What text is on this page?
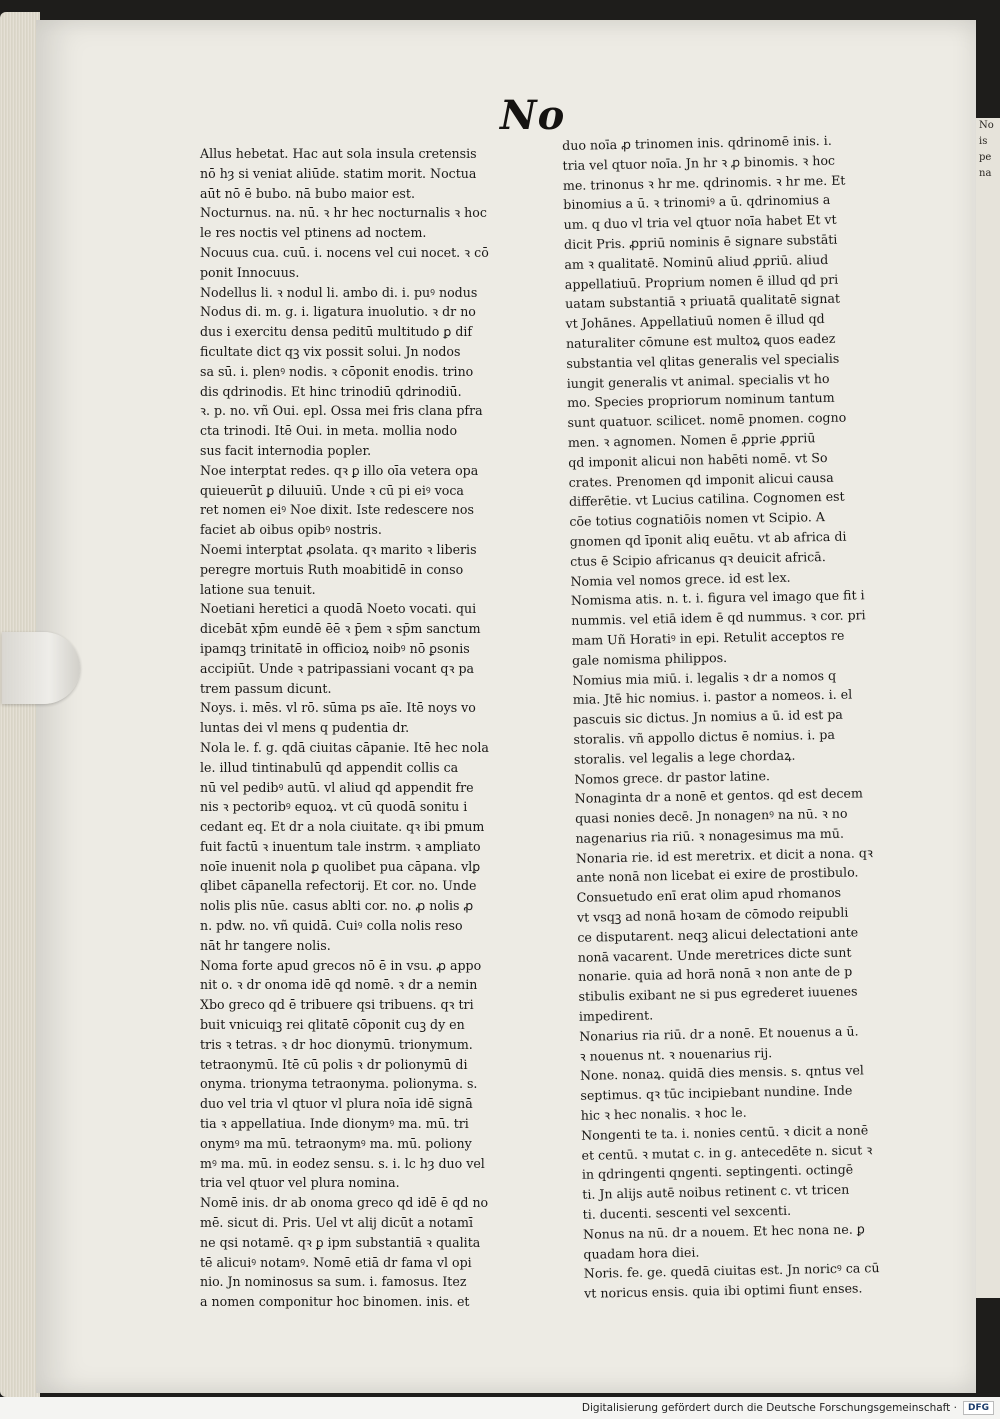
No
is
pe
na
No

Allus hebetat. Hac aut sola insula cretensis

nō hȝ si veniat aliūde. statim morit. Noctua

aūt nō ē bubo. nā bubo maior est.

Nocturnus. na. nū. ꝛ hr hec nocturnalis ꝛ hoc

le res noctis vel ptinens ad noctem.

Nocuus cua. cuū. i. nocens vel cui nocet. ꝛ cō

ponit Innocuus.

Nodellus li. ꝛ nodul li. ambo di. i. puꝰ nodus

Nodus di. m. g. i. ligatura inuolutio. ꝛ dr no

dus i exercitu densa peditū multitudo ꝑ dif

ficultate dict qꝫ vix possit solui. Jn nodos

sa sū. i. plenꝰ nodis. ꝛ cōponit enodis. trino

dis qdrinodis. Et hinc trinodiū qdrinodiū.

ꝛ. p. no. vñ Oui. epl. Ossa mei fris clana pfra

cta trinodi. Itē Oui. in meta. mollia nodo

sus facit internodia popler.

Noe interptat redes. qꝛ ꝑ illo oīa vetera opa

quieuerūt ꝑ diluuiū. Unde ꝛ cū pi eiꝰ voca

ret nomen eiꝰ Noe dixit. Iste redescere nos

faciet ab oibus opibꝰ nostris.

Noemi interptat ꝓsolata. qꝛ marito ꝛ liberis

peregre mortuis Ruth moabitidē in conso

latione sua tenuit.

Noetiani heretici a quodā Noeto vocati. qui

dicebāt xp̄m eundē ēē ꝛ p̄em ꝛ sp̄m sanctum

ipamqꝫ trinitatē in officioꝝ noibꝰ nō ꝑsonis

accipiūt. Unde ꝛ patripassiani vocant qꝛ pa

trem passum dicunt.

Noys. i. mēs. vl rō. sūma ps aīe. Itē noys vo

luntas dei vl mens q pudentia dr.

Nola le. f. g. qdā ciuitas cāpanie. Itē hec nola

le. illud tintinabulū qd appendit collis ca

nū vel pedibꝰ autū. vl aliud qd appendit fre

nis ꝛ pectoribꝰ equoꝝ. vt cū quodā sonitu i

cedant eq. Et dr a nola ciuitate. qꝛ ibi pmum

fuit factū ꝛ inuentum tale instrm. ꝛ ampliato

noīe inuenit nola ꝑ quolibet pua cāpana. vlꝑ

qlibet cāpanella refectorij. Et cor. no. Unde

nolis plis nūe. casus ablti cor. no. ꝓ nolis ꝓ

n. pdw. no. vñ quidā. Cuiꝰ colla nolis reso

nāt hr tangere nolis.

Noma forte apud grecos nō ē in vsu. ꝓ appo

nit o. ꝛ dr onoma idē qd nomē. ꝛ dr a nemin

Xbo greco qd ē tribuere qsi tribuens. qꝛ tri

buit vnicuiqꝫ rei qlitatē cōponit cuꝫ dy en

tris ꝛ tetras. ꝛ dr hoc dionymū. trionymum.

tetraonymū. Itē cū polis ꝛ dr polionymū di

onyma. trionyma tetraonyma. polionyma. s.

duo vel tria vl qtuor vl plura noīa idē signā

tia ꝛ appellatiua. Inde dionymꝰ ma. mū. tri

onymꝰ ma mū. tetraonymꝰ ma. mū. poliony

mꝰ ma. mū. in eodez sensu. s. i. lc hȝ duo vel

tria vel qtuor vel plura nomina.

Nomē inis. dr ab onoma greco qd idē ē qd no

mē. sicut di. Pris. Uel vt alij dicūt a notamī

ne qsi notamē. qꝛ ꝑ ipm substantiā ꝛ qualita

tē alicuiꝰ notamꝰ. Nomē etiā dr fama vl opi

nio. Jn nominosus sa sum. i. famosus. Itez

a nomen componitur hoc binomen. inis. et

duo noīa ꝓ trinomen inis. qdrinomē inis. i.

tria vel qtuor noīa. Jn hr ꝛ ꝓ binomis. ꝛ hoc

me. trinonus ꝛ hr me. qdrinomis. ꝛ hr me. Et

binomius a ū. ꝛ trinomiꝰ a ū. qdrinomius a

um. q duo vl tria vel qtuor noīa habet Et vt

dicit Pris. ꝓpriū nominis ē signare substāti

am ꝛ qualitatē. Nominū aliud ꝓpriū. aliud

appellatiuū. Proprium nomen ē illud qd pri

uatam substantiā ꝛ priuatā qualitatē signat

vt Johānes. Appellatiuū nomen ē illud qd

naturaliter cōmune est multoꝝ quos eadez

substantia vel qlitas generalis vel specialis

iungit generalis vt animal. specialis vt ho

mo. Species propriorum nominum tantum

sunt quatuor. scilicet. nomē pnomen. cogno

men. ꝛ agnomen. Nomen ē ꝓprie ꝓpriū

qd imponit alicui non habēti nomē. vt So

crates. Prenomen qd imponit alicui causa

differētie. vt Lucius catilina. Cognomen est

cōe totius cognatiōis nomen vt Scipio. A

gnomen qd īponit aliq euētu. vt ab africa di

ctus ē Scipio africanus qꝛ deuicit africā.

Nomia vel nomos grece. id est lex.

Nomisma atis. n. t. i. figura vel imago que fit i

nummis. vel etiā idem ē qd nummus. ꝛ cor. pri

mam Uñ Horatiꝰ in epi. Retulit acceptos re

gale nomisma philippos.

Nomius mia miū. i. legalis ꝛ dr a nomos q

mia. Jtē hic nomius. i. pastor a nomeos. i. el

pascuis sic dictus. Jn nomius a ū. id est pa

storalis. vñ appollo dictus ē nomius. i. pa

storalis. vel legalis a lege chordaꝝ.

Nomos grece. dr pastor latine.

Nonaginta dr a nonē et gentos. qd est decem

quasi nonies decē. Jn nonagenꝰ na nū. ꝛ no

nagenarius ria riū. ꝛ nonagesimus ma mū.

Nonaria rie. id est meretrix. et dicit a nona. qꝛ

ante nonā non licebat ei exire de prostibulo.

Consuetudo enī erat olim apud rhomanos

vt vsqꝫ ad nonā hoꝛam de cōmodo reipubli

ce disputarent. neqꝫ alicui delectationi ante

nonā vacarent. Unde meretrices dicte sunt

nonarie. quia ad horā nonā ꝛ non ante de p

stibulis exibant ne si pus egrederet iuuenes

impedirent.

Nonarius ria riū. dr a nonē. Et nouenus a ū.

ꝛ nouenus nt. ꝛ nouenarius rij.

None. nonaꝝ. quidā dies mensis. s. qntus vel

septimus. qꝛ tūc incipiebant nundine. Inde

hic ꝛ hec nonalis. ꝛ hoc le.

Nongenti te ta. i. nonies centū. ꝛ dicit a nonē

et centū. ꝛ mutat c. in g. antecedēte n. sicut ꝛ

in qdringenti qngenti. septingenti. octingē

ti. Jn alijs autē noibus retinent c. vt tricen

ti. ducenti. sescenti vel sexcenti.

Nonus na nū. dr a nouem. Et hec nona ne. ꝑ

quadam hora diei.

Noris. fe. ge. quedā ciuitas est. Jn noricꝰ ca cū

vt noricus ensis. quia ibi optimi fiunt enses.

Digitalisierung gefördert durch die Deutsche Forschungsgemeinschaft ·	DFG
